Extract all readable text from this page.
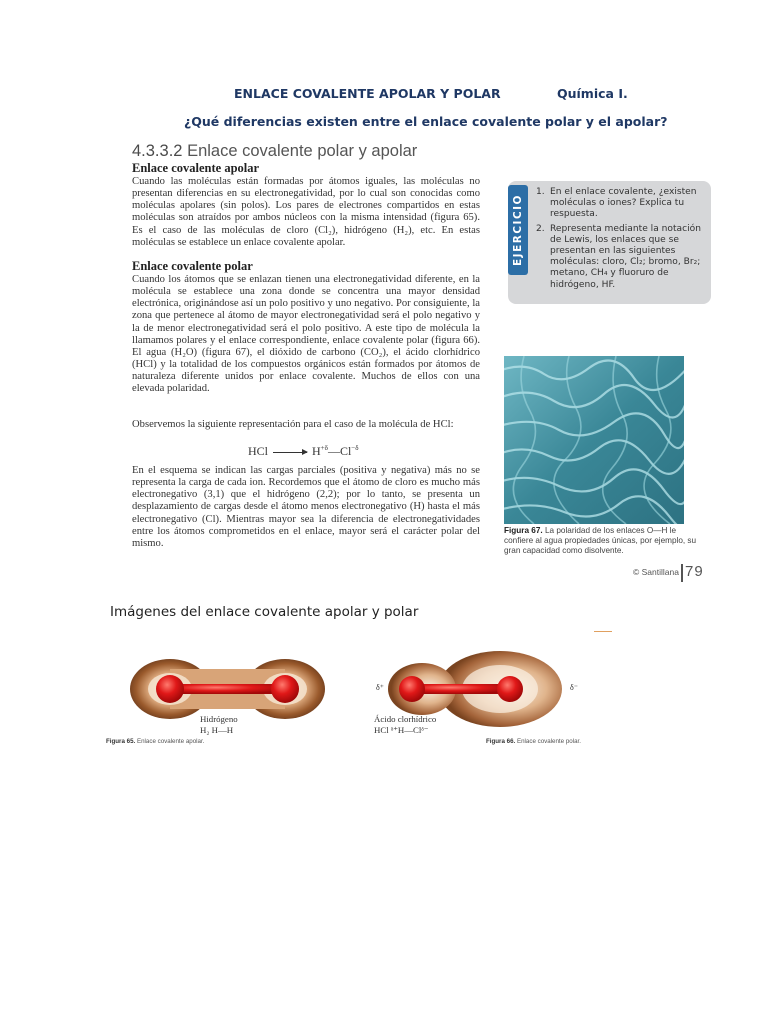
ENLACE COVALENTE APOLAR Y POLAR	Química I.
¿Qué diferencias existen entre el enlace covalente polar y el apolar?
4.3.3.2 Enlace covalente polar y apolar
Enlace covalente apolar
Cuando las moléculas están formadas por átomos iguales, las moléculas no presentan diferencias en su electronegatividad, por lo cual son conocidas como moléculas apolares (sin polos). Los pares de electrones compartidos en estas moléculas son atraídos por ambos núcleos con la misma intensidad (figura 65). Es el caso de las moléculas de cloro (Cl₂), hidrógeno (H₂), etc. En estas moléculas se establece un enlace covalente apolar.
Enlace covalente polar
Cuando los átomos que se enlazan tienen una electronegatividad diferente, en la molécula se establece una zona donde se concentra una mayor densidad electrónica, originándose así un polo positivo y uno negativo. Por consiguiente, la zona que pertenece al átomo de mayor electronegatividad será el polo negativo y la de menor electronegatividad será el polo positivo. A este tipo de molécula la llamamos polares y el enlace correspondiente, enlace covalente polar (figura 66). El agua (H₂O) (figura 67), el dióxido de carbono (CO₂), el ácido clorhídrico (HCl) y la totalidad de los compuestos orgánicos están formados por átomos de naturaleza diferente unidos por enlace covalente. Muchos de ellos con una elevada polaridad.
Observemos la siguiente representación para el caso de la molécula de HCl:
HCl	$H^{+\delta}—Cl^{-\delta}$
En el esquema se indican las cargas parciales (positiva y negativa) más no se representa la carga de cada ion. Recordemos que el átomo de cloro es mucho más electronegativo (3,1) que el hidrógeno (2,2); por lo tanto, se presenta un desplazamiento de cargas desde el átomo menos electronegativo (H) hasta el más electronegativo (Cl). Mientras mayor sea la diferencia de electronegatividades entre los átomos comprometidos en el enlace, mayor será el carácter polar del mismo.
EJERCICIO
1. En el enlace covalente, ¿existen moléculas o iones? Explica tu respuesta.
2. Representa mediante la notación de Lewis, los enlaces que se presentan en las siguientes moléculas: cloro, Cl₂; bromo, Br₂; metano, CH₄ y fluoruro de hidrógeno, HF.
Figura 67. La polaridad de los enlaces O—H le confiere al agua propiedades únicas, por ejemplo, su gran capacidad como disolvente.
© Santillana 79
Imágenes del enlace covalente apolar y polar
Hidrógeno
H₂ H—H
Figura 65. Enlace covalente apolar.
δ⁺	δ⁻
Ácido clorhídrico
HCl ᵟ⁺H—Clᵟ⁻
Figura 66. Enlace covalente polar.
